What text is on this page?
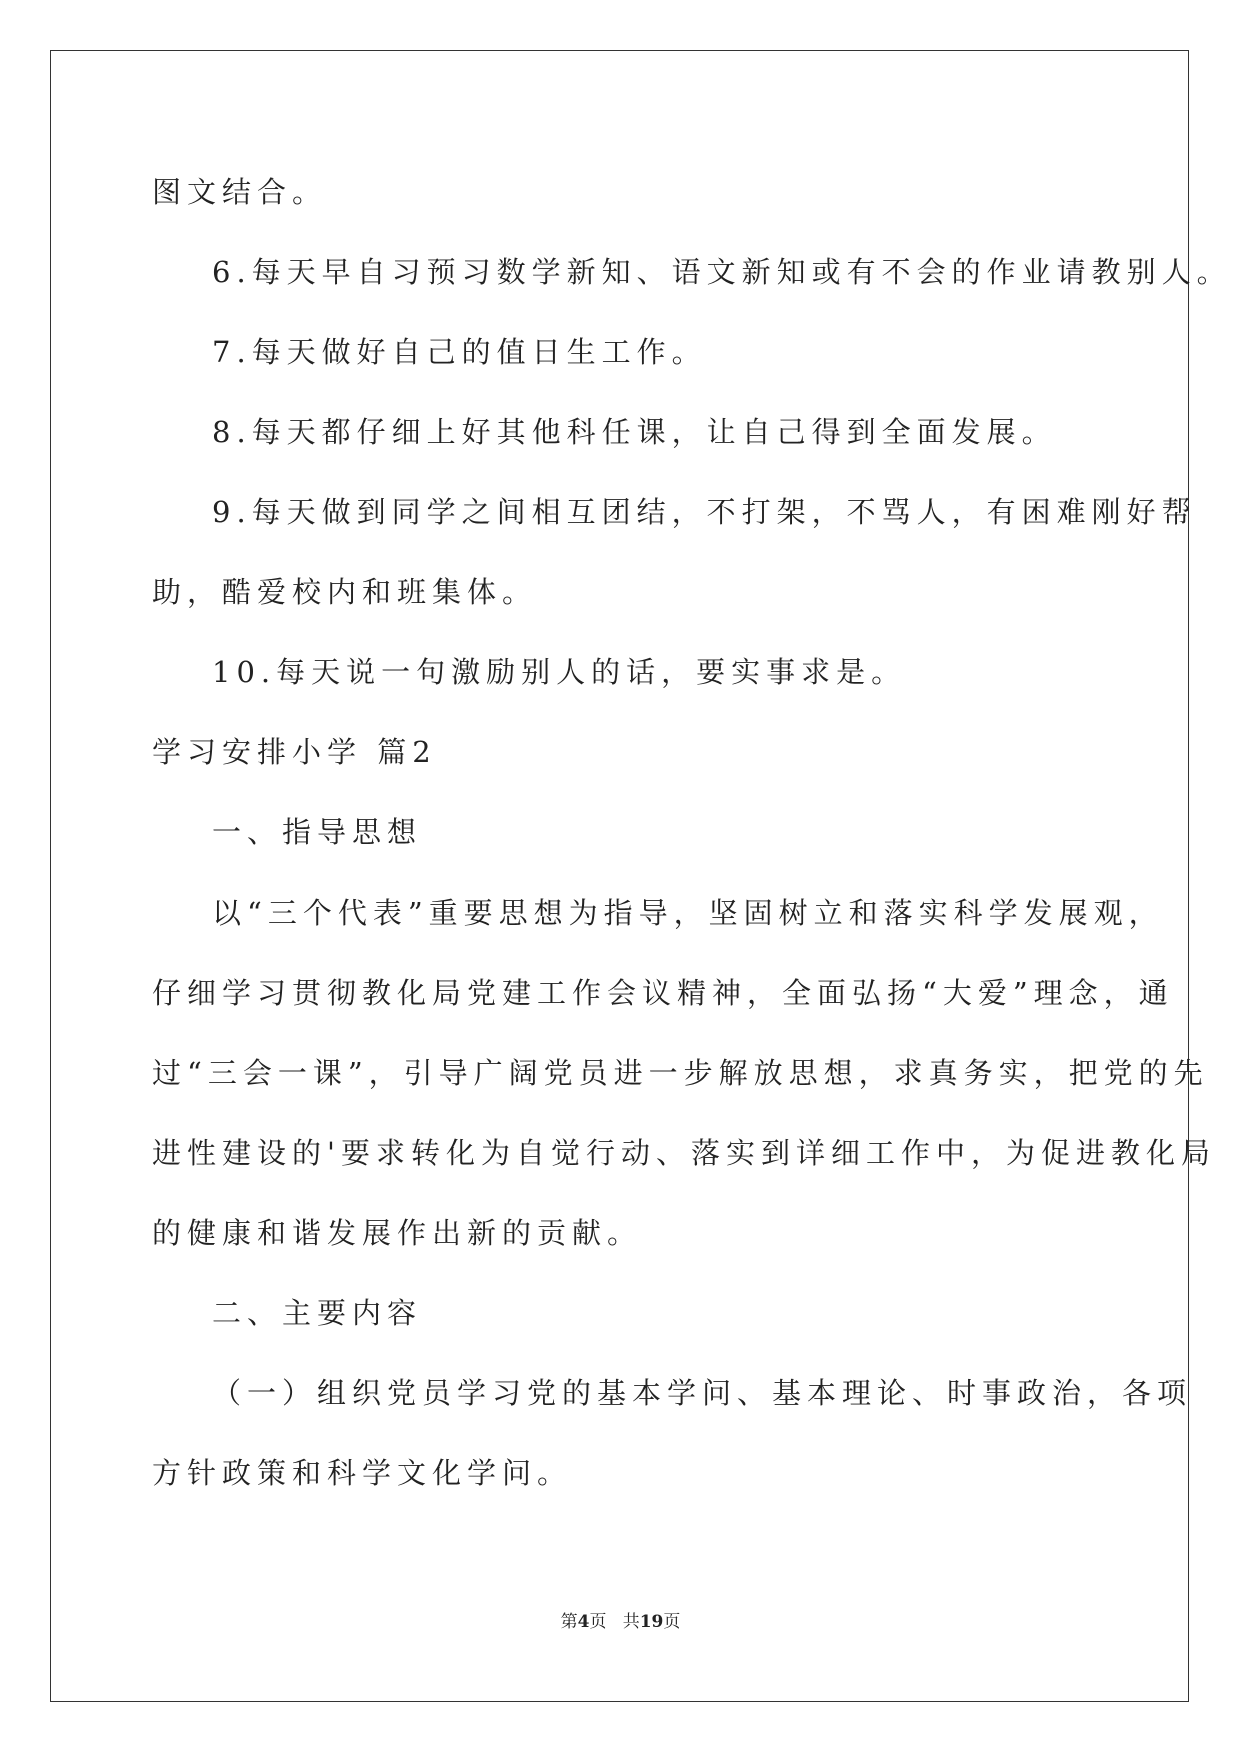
图文结合。
6.每天早自习预习数学新知、语文新知或有不会的作业请教别人。
7.每天做好自己的值日生工作。
8.每天都仔细上好其他科任课，让自己得到全面发展。
9.每天做到同学之间相互团结，不打架，不骂人，有困难刚好帮
助，酷爱校内和班集体。
10.每天说一句激励别人的话，要实事求是。
学习安排小学 篇2
一、指导思想
以“三个代表”重要思想为指导，坚固树立和落实科学发展观，
仔细学习贯彻教化局党建工作会议精神，全面弘扬“大爱”理念，通
过“三会一课”，引导广阔党员进一步解放思想，求真务实，把党的先
进性建设的'要求转化为自觉行动、落实到详细工作中，为促进教化局
的健康和谐发展作出新的贡献。
二、主要内容
（一）组织党员学习党的基本学问、基本理论、时事政治，各项
方针政策和科学文化学问。
第4页 共19页
